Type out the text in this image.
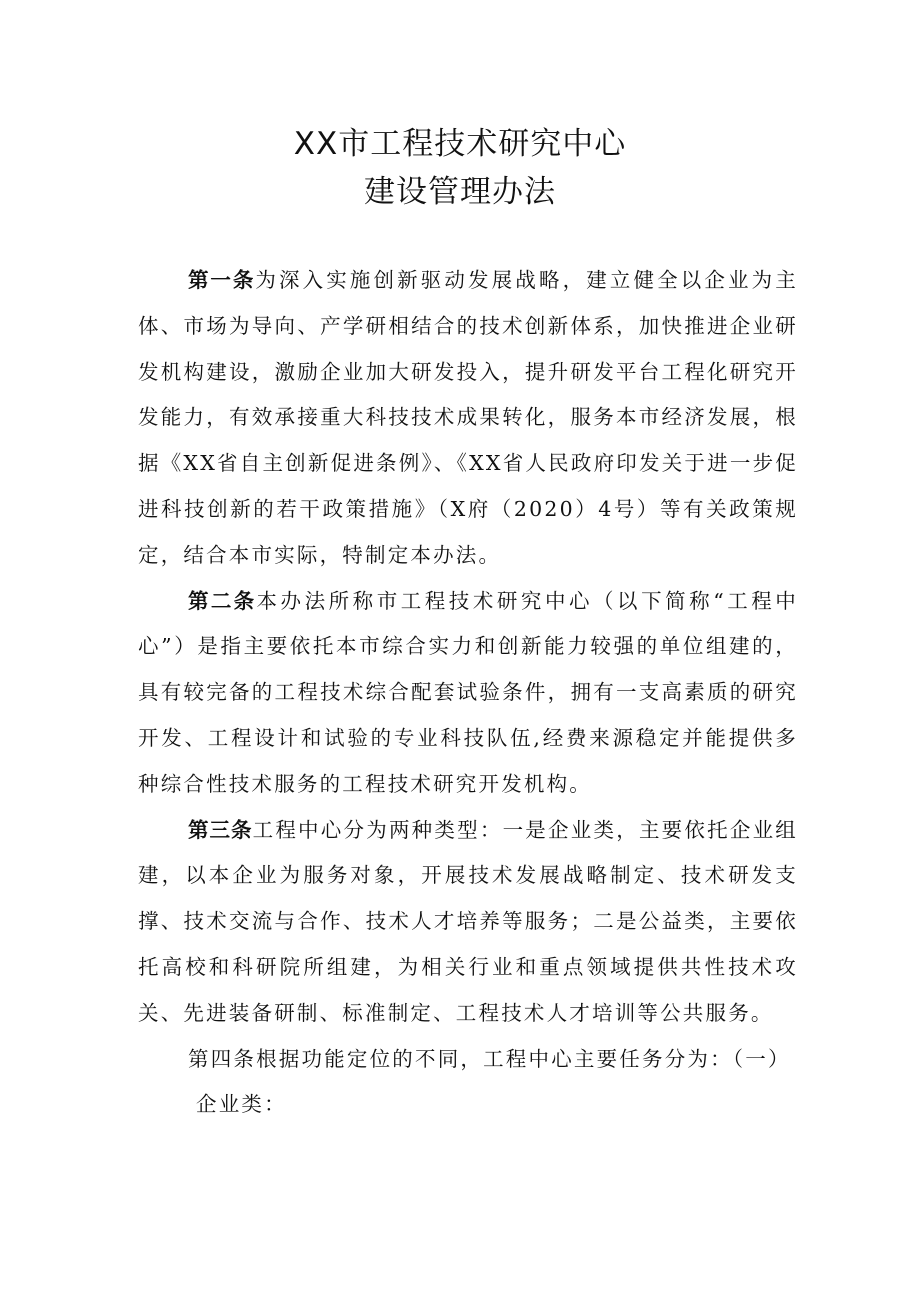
XX市工程技术研究中心
建设管理办法

第一条为深入实施创新驱动发展战略，建立健全以企业为主体、市场为导向、产学研相结合的技术创新体系，加快推进企业研发机构建设，激励企业加大研发投入，提升研发平台工程化研究开发能力，有效承接重大科技技术成果转化，服务本市经济发展，根据《XX省自主创新促进条例》、《XX省人民政府印发关于进一步促进科技创新的若干政策措施》（X府（2020）4号）等有关政策规定，结合本市实际，特制定本办法。

第二条本办法所称市工程技术研究中心（以下简称“工程中心”）是指主要依托本市综合实力和创新能力较强的单位组建的，具有较完备的工程技术综合配套试验条件，拥有一支高素质的研究开发、工程设计和试验的专业科技队伍,经费来源稳定并能提供多种综合性技术服务的工程技术研究开发机构。

第三条工程中心分为两种类型：一是企业类，主要依托企业组建，以本企业为服务对象，开展技术发展战略制定、技术研发支撑、技术交流与合作、技术人才培养等服务；二是公益类，主要依托高校和科研院所组建，为相关行业和重点领域提供共性技术攻关、先进装备研制、标准制定、工程技术人才培训等公共服务。

第四条根据功能定位的不同，工程中心主要任务分为：（一）

企业类：
